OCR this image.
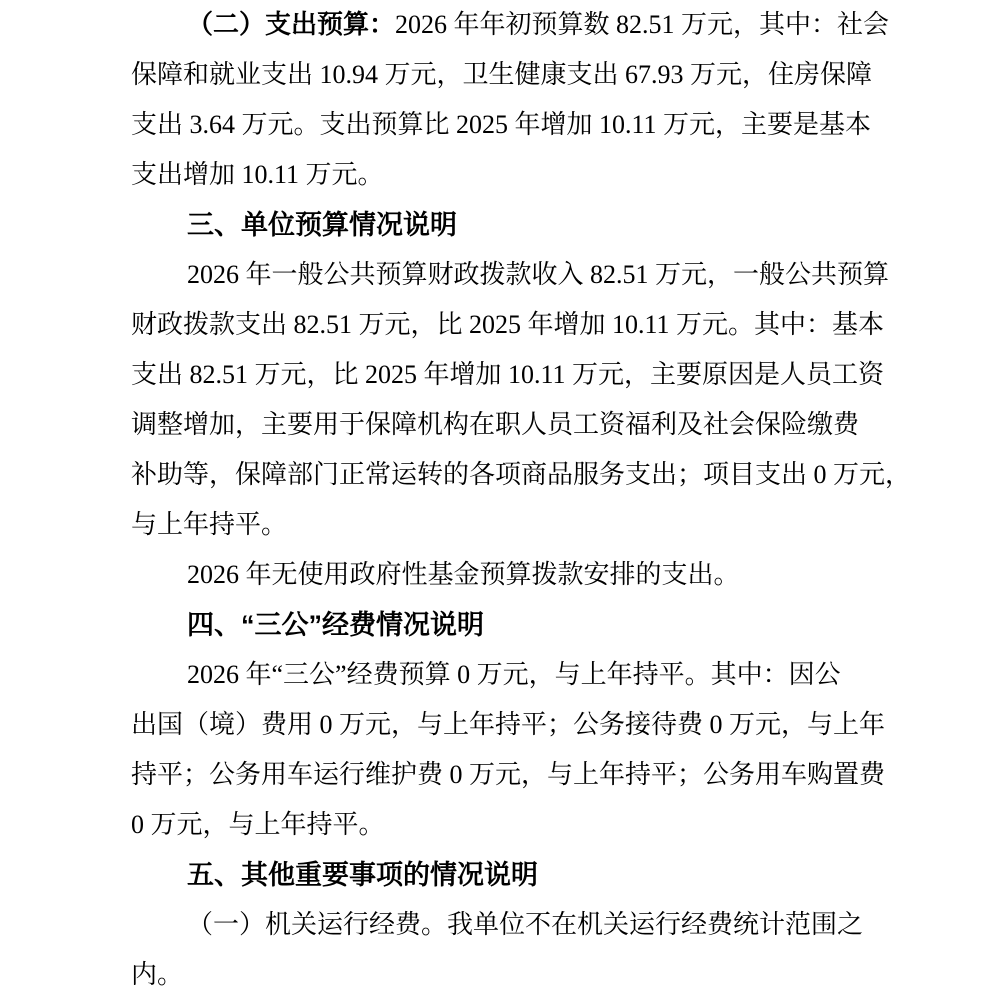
（二）支出预算：2026 年年初预算数 82.51 万元，其中：社会
保障和就业支出 10.94 万元，卫生健康支出 67.93 万元，住房保障
支出 3.64 万元。支出预算比 2025 年增加 10.11 万元，主要是基本
支出增加 10.11 万元。
三、单位预算情况说明
2026 年一般公共预算财政拨款收入 82.51 万元，一般公共预算
财政拨款支出 82.51 万元，比 2025 年增加 10.11 万元。其中：基本
支出 82.51 万元，比 2025 年增加 10.11 万元，主要原因是人员工资
调整增加，主要用于保障机构在职人员工资福利及社会保险缴费
补助等，保障部门正常运转的各项商品服务支出；项目支出 0 万元，
与上年持平。
2026 年无使用政府性基金预算拨款安排的支出。
四、“三公”经费情况说明
2026 年“三公”经费预算 0 万元，与上年持平。其中：因公
出国（境）费用 0 万元，与上年持平；公务接待费 0 万元，与上年
持平；公务用车运行维护费 0 万元，与上年持平；公务用车购置费
0 万元，与上年持平。
五、其他重要事项的情况说明
（一）机关运行经费。我单位不在机关运行经费统计范围之
内。
